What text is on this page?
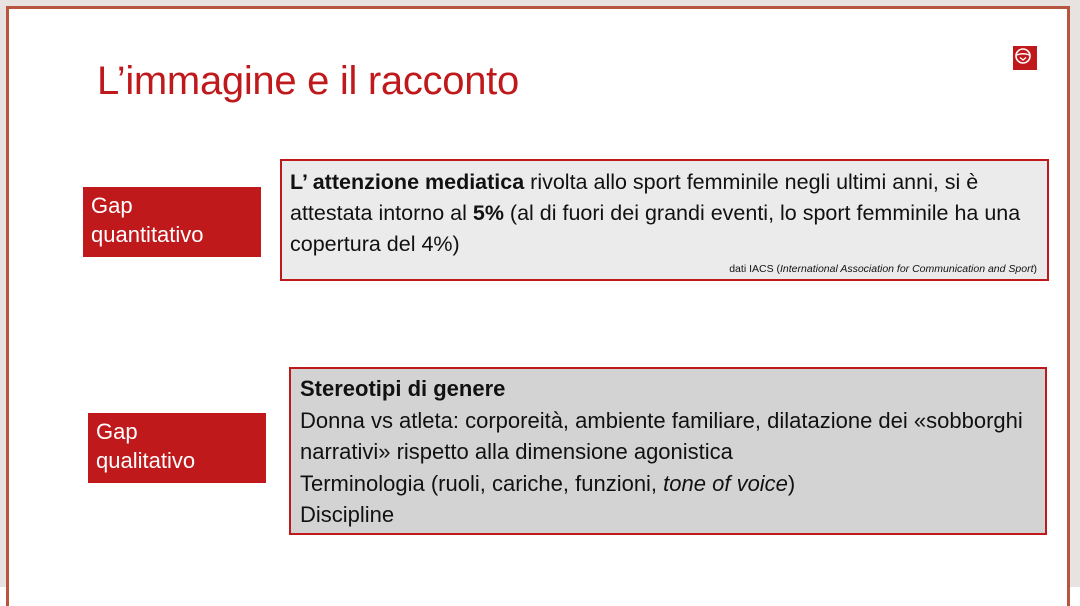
L’immagine e il racconto
Gap
quantitativo
L’ attenzione mediatica rivolta allo sport femminile negli ultimi anni, si è attestata intorno al 5% (al di fuori dei grandi eventi, lo sport femminile ha una copertura del 4%)
dati IACS (International Association for Communication and Sport)
Gap
qualitativo
Stereotipi di genere
Donna vs atleta: corporeità, ambiente familiare, dilatazione dei «sobborghi narrativi» rispetto alla dimensione agonistica
Terminologia (ruoli, cariche, funzioni, tone of voice)
Discipline
